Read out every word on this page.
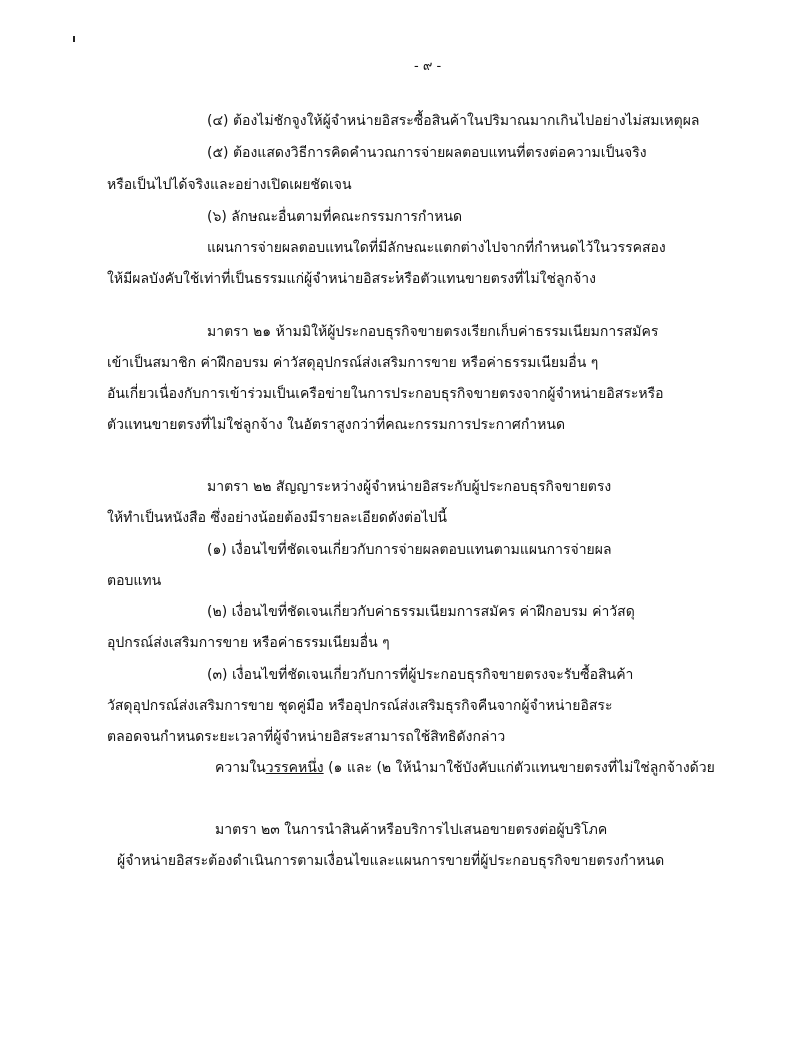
- ๙ -
(๔) ต้องไม่ชักจูงให้ผู้จำหน่ายอิสระซื้อสินค้าในปริมาณมากเกินไปอย่างไม่สมเหตุผล
(๕) ต้องแสดงวิธีการคิดคำนวณการจ่ายผลตอบแทนที่ตรงต่อความเป็นจริง
หรือเป็นไปได้จริงและอย่างเปิดเผยชัดเจน
(๖) ลักษณะอื่นตามที่คณะกรรมการกำหนด
แผนการจ่ายผลตอบแทนใดที่มีลักษณะแตกต่างไปจากที่กำหนดไว้ในวรรคสอง
ให้มีผลบังคับใช้เท่าที่เป็นธรรมแก่ผู้จำหน่ายอิสระหรือตัวแทนขายตรงที่ไม่ใช่ลูกจ้าง
มาตรา ๒๑ ห้ามมิให้ผู้ประกอบธุรกิจขายตรงเรียกเก็บค่าธรรมเนียมการสมัคร
เข้าเป็นสมาชิก ค่าฝึกอบรม ค่าวัสดุอุปกรณ์ส่งเสริมการขาย หรือค่าธรรมเนียมอื่น ๆ
อันเกี่ยวเนื่องกับการเข้าร่วมเป็นเครือข่ายในการประกอบธุรกิจขายตรงจากผู้จำหน่ายอิสระหรือ
ตัวแทนขายตรงที่ไม่ใช่ลูกจ้าง ในอัตราสูงกว่าที่คณะกรรมการประกาศกำหนด
มาตรา ๒๒ สัญญาระหว่างผู้จำหน่ายอิสระกับผู้ประกอบธุรกิจขายตรง
ให้ทำเป็นหนังสือ ซึ่งอย่างน้อยต้องมีรายละเอียดดังต่อไปนี้
(๑) เงื่อนไขที่ชัดเจนเกี่ยวกับการจ่ายผลตอบแทนตามแผนการจ่ายผล
ตอบแทน
(๒) เงื่อนไขที่ชัดเจนเกี่ยวกับค่าธรรมเนียมการสมัคร ค่าฝึกอบรม ค่าวัสดุ
อุปกรณ์ส่งเสริมการขาย หรือค่าธรรมเนียมอื่น ๆ
(๓) เงื่อนไขที่ชัดเจนเกี่ยวกับการที่ผู้ประกอบธุรกิจขายตรงจะรับซื้อสินค้า
วัสดุอุปกรณ์ส่งเสริมการขาย ชุดคู่มือ หรืออุปกรณ์ส่งเสริมธุรกิจคืนจากผู้จำหน่ายอิสระ
ตลอดจนกำหนดระยะเวลาที่ผู้จำหน่ายอิสระสามารถใช้สิทธิดังกล่าว
ความในวรรคหนึ่ง (๑ และ (๒ ให้นำมาใช้บังคับแก่ตัวแทนขายตรงที่ไม่ใช่ลูกจ้างด้วย
มาตรา ๒๓ ในการนำสินค้าหรือบริการไปเสนอขายตรงต่อผู้บริโภค
ผู้จำหน่ายอิสระต้องดำเนินการตามเงื่อนไขและแผนการขายที่ผู้ประกอบธุรกิจขายตรงกำหนด
